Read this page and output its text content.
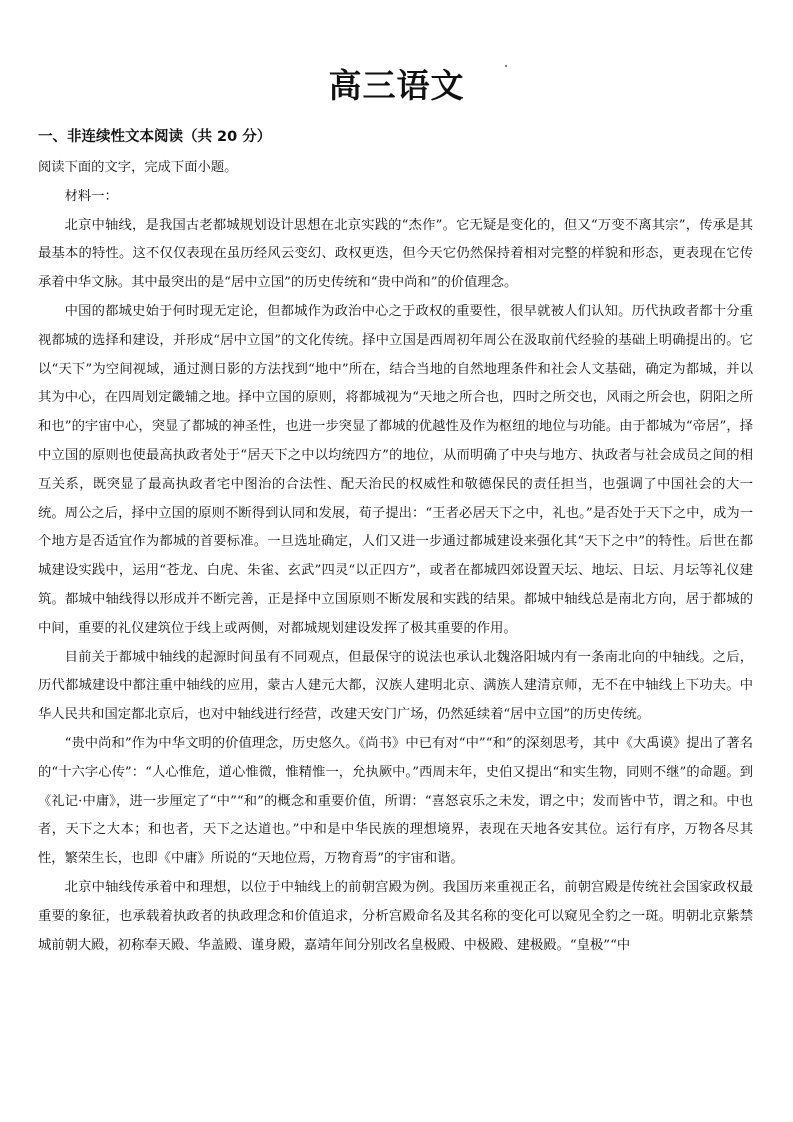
高三语文
一、非连续性文本阅读（共 20 分）

阅读下面的文字，完成下面小题。

材料一：

北京中轴线，是我国古老都城规划设计思想在北京实践的“杰作”。它无疑是变化的，但又“万变不离其宗”，传承是其最基本的特性。这不仅仅表现在虽历经风云变幻、政权更迭，但今天它仍然保持着相对完整的样貌和形态，更表现在它传承着中华文脉。其中最突出的是“居中立国”的历史传统和“贵中尚和”的价值理念。

中国的都城史始于何时现无定论，但都城作为政治中心之于政权的重要性，很早就被人们认知。历代执政者都十分重视都城的选择和建设，并形成“居中立国”的文化传统。择中立国是西周初年周公在汲取前代经验的基础上明确提出的。它以“天下”为空间视域，通过测日影的方法找到“地中”所在，结合当地的自然地理条件和社会人文基础，确定为都城，并以其为中心，在四周划定畿辅之地。择中立国的原则，将都城视为“天地之所合也，四时之所交也，风雨之所会也，阴阳之所和也”的宇宙中心，突显了都城的神圣性，也进一步突显了都城的优越性及作为枢纽的地位与功能。由于都城为“帝居”，择中立国的原则也使最高执政者处于“居天下之中以均统四方”的地位，从而明确了中央与地方、执政者与社会成员之间的相互关系，既突显了最高执政者宅中图治的合法性、配天治民的权威性和敬德保民的责任担当，也强调了中国社会的大一统。周公之后，择中立国的原则不断得到认同和发展，荀子提出：“王者必居天下之中，礼也。”是否处于天下之中，成为一个地方是否适宜作为都城的首要标准。一旦选址确定，人们又进一步通过都城建设来强化其“天下之中”的特性。后世在都城建设实践中，运用“苍龙、白虎、朱雀、玄武”四灵“以正四方”，或者在都城四郊设置天坛、地坛、日坛、月坛等礼仪建筑。都城中轴线得以形成并不断完善，正是择中立国原则不断发展和实践的结果。都城中轴线总是南北方向，居于都城的中间，重要的礼仪建筑位于线上或两侧，对都城规划建设发挥了极其重要的作用。

目前关于都城中轴线的起源时间虽有不同观点，但最保守的说法也承认北魏洛阳城内有一条南北向的中轴线。之后，历代都城建设中都注重中轴线的应用，蒙古人建元大都，汉族人建明北京、满族人建清京师，无不在中轴线上下功夫。中华人民共和国定都北京后，也对中轴线进行经营，改建天安门广场，仍然延续着“居中立国”的历史传统。

“贵中尚和”作为中华文明的价值理念，历史悠久。《尚书》中已有对“中”“和”的深刻思考，其中《大禹谟》提出了著名的“十六字心传”：“人心惟危，道心惟微，惟精惟一，允执厥中。”西周末年，史伯又提出“和实生物，同则不继”的命题。到《礼记·中庸》，进一步厘定了“中”“和”的概念和重要价值，所谓：“喜怒哀乐之未发，谓之中；发而皆中节，谓之和。中也者，天下之大本；和也者，天下之达道也。”中和是中华民族的理想境界，表现在天地各安其位。运行有序，万物各尽其性，繁荣生长，也即《中庸》所说的“天地位焉，万物育焉”的宇宙和谐。

北京中轴线传承着中和理想，以位于中轴线上的前朝宫殿为例。我国历来重视正名，前朝宫殿是传统社会国家政权最重要的象征，也承载着执政者的执政理念和价值追求，分析宫殿命名及其名称的变化可以窥见全豹之一斑。明朝北京紫禁城前朝大殿，初称奉天殿、华盖殿、谨身殿，嘉靖年间分别改名皇极殿、中极殿、建极殿。“皇极”“中
